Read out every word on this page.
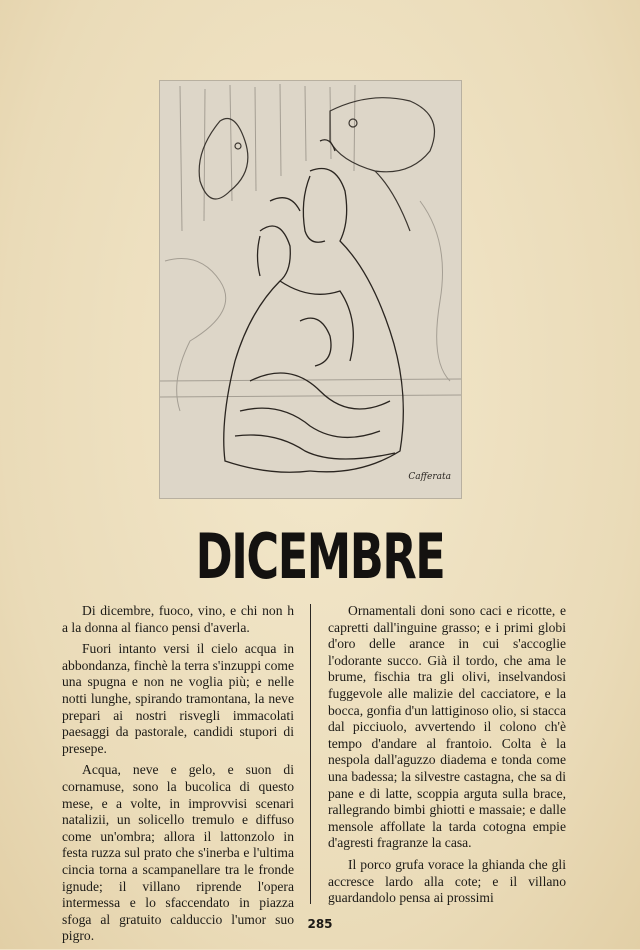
Cafferata
DICEMBRE

Di dicembre, fuoco, vino, e chi non h a la donna al fianco pensi d'averla.

Fuori intanto versi il cielo acqua in abbondanza, finchè la terra s'inzuppi come una spugna e non ne voglia più; e nelle notti lunghe, spirando tramontana, la neve prepari ai nostri risvegli immacolati paesaggi da pastorale, candidi stupori di presepe.

Acqua, neve e gelo, e suon di cornamuse, sono la bucolica di questo mese, e a volte, in improvvisi scenari natalizii, un solicello tremulo e diffuso come un'ombra; allora il lattonzolo in festa ruzza sul prato che s'inerba e l'ultima cincia torna a scampanellare tra le fronde ignude; il villano riprende l'opera intermessa e lo sfaccendato in piazza sfoga al gratuito calduccio l'umor suo pigro.

Ornamentali doni sono caci e ricotte, e capretti dall'inguine grasso; e i primi globi d'oro delle arance in cui s'accoglie l'odorante succo. Già il tordo, che ama le brume, fischia tra gli olivi, inselvandosi fuggevole alle malizie del cacciatore, e la bocca, gonfia d'un lattiginoso olio, si stacca dal picciuolo, avvertendo il colono ch'è tempo d'andare al frantoio. Colta è la nespola dall'aguzzo diadema e tonda come una badessa; la silvestre castagna, che sa di pane e di latte, scoppia arguta sulla brace, rallegrando bimbi ghiotti e massaie; e dalle mensole affollate la tarda cotogna empie d'agresti fragranze la casa.

Il porco grufa vorace la ghianda che gli accresce lardo alla cote; e il villano guardandolo pensa ai prossimi

285
